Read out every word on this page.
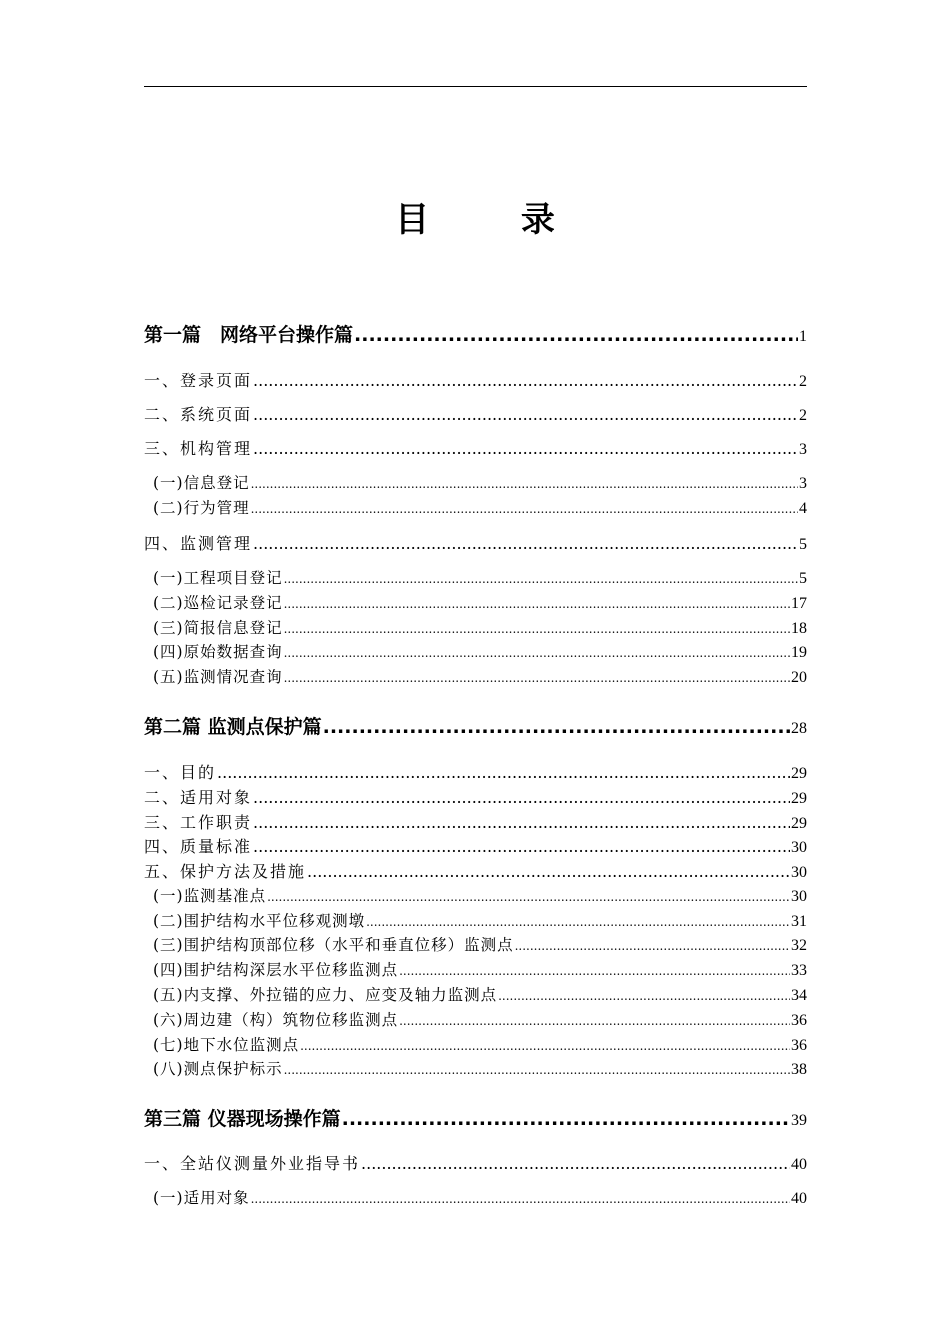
目 录
第一篇　网络平台操作篇 .....	1
一、登录页面 .....	2
二、系统页面 .....	2
三、机构管理 .....	3
(一)信息登记 .....	3
(二)行为管理 .....	4
四、监测管理 .....	5
(一)工程项目登记 .....	5
(二)巡检记录登记 .....	17
(三)简报信息登记 .....	18
(四)原始数据查询 .....	19
(五)监测情况查询 .....	20
第二篇 监测点保护篇 .....	28
一、目的 .....	29
二、适用对象 .....	29
三、工作职责 .....	29
四、质量标准 .....	30
五、保护方法及措施 .....	30
(一)监测基准点 .....	30
(二)围护结构水平位移观测墩 .....	31
(三)围护结构顶部位移（水平和垂直位移）监测点 .....	32
(四)围护结构深层水平位移监测点 .....	33
(五)内支撑、外拉锚的应力、应变及轴力监测点 .....	34
(六)周边建（构）筑物位移监测点 .....	36
(七)地下水位监测点 .....	36
(八)测点保护标示 .....	38
第三篇 仪器现场操作篇 .....	39
一、全站仪测量外业指导书 .....	40
(一)适用对象 .....	40
